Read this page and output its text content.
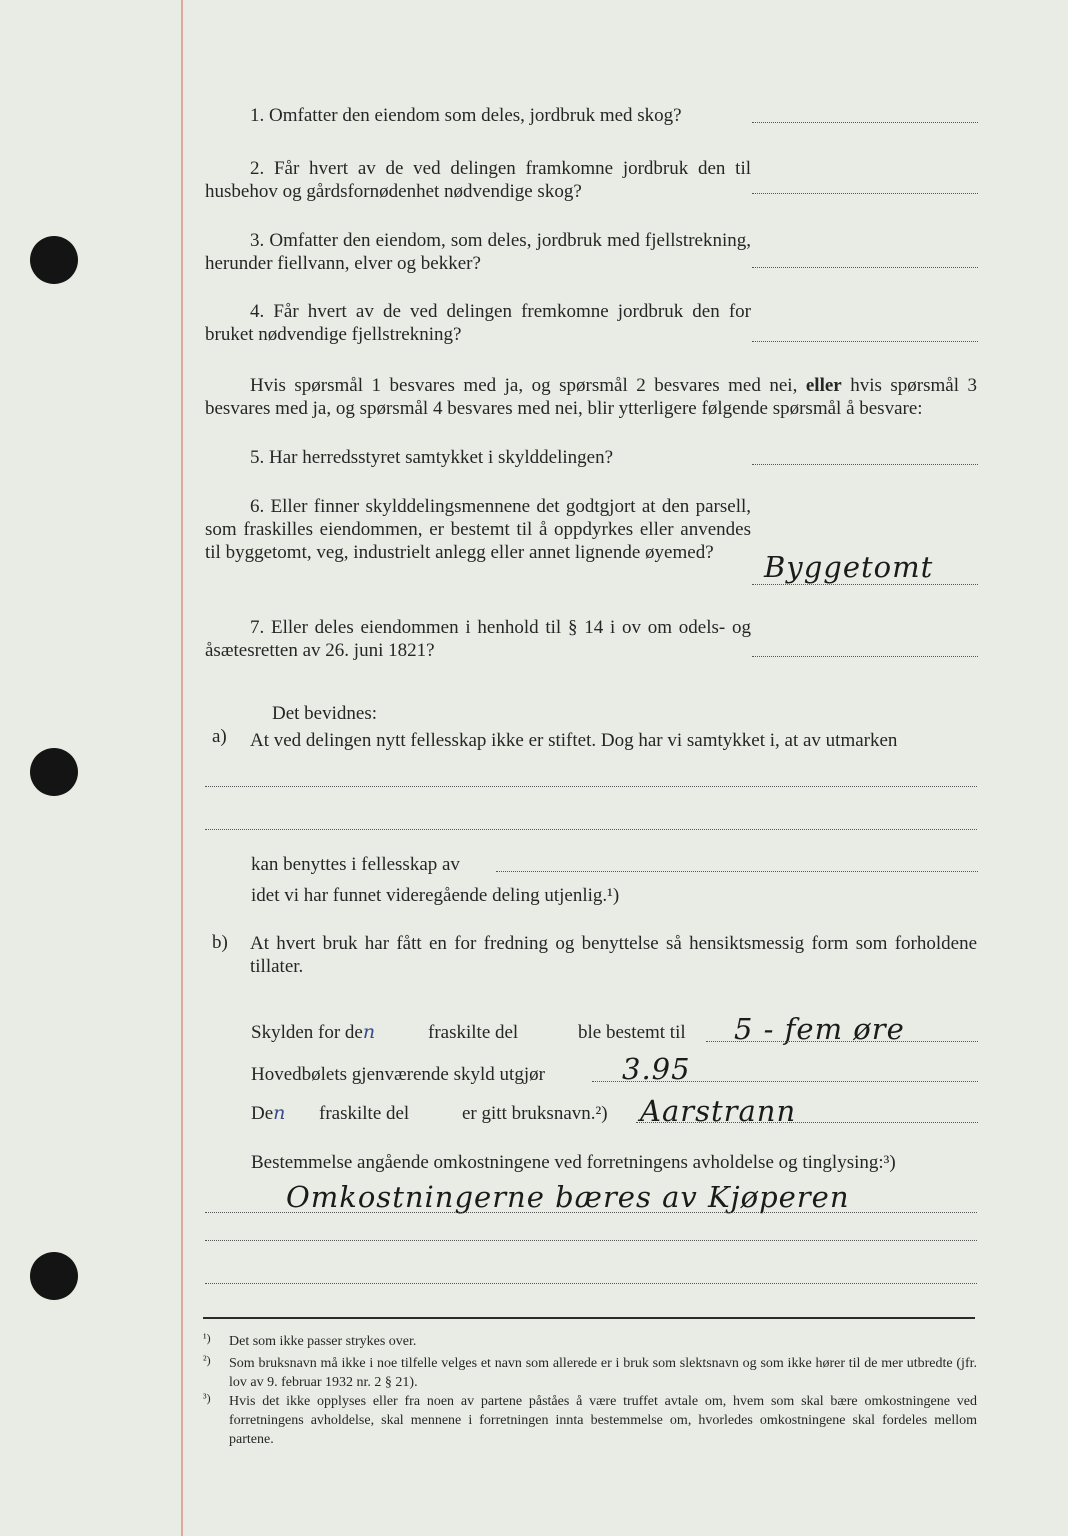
1. Omfatter den eiendom som deles, jordbruk med skog?
2. Får hvert av de ved delingen framkomne jordbruk den til husbehov og gårdsfornødenhet nødvendige skog?
3. Omfatter den eiendom, som deles, jordbruk med fjellstrekning, herunder fiellvann, elver og bekker?
4. Får hvert av de ved delingen fremkomne jordbruk den for bruket nødvendige fjellstrekning?
Hvis spørsmål 1 besvares med ja, og spørsmål 2 besvares med nei, eller hvis spørsmål 3 besvares med ja, og spørsmål 4 besvares med nei, blir ytterligere følgende spørsmål å besvare:
5. Har herredsstyret samtykket i skylddelingen?
6. Eller finner skylddelingsmennene det godtgjort at den parsell, som fraskilles eiendommen, er bestemt til å oppdyrkes eller anvendes til byggetomt, veg, industrielt anlegg eller annet lignende øyemed?	Byggetomt
7. Eller deles eiendommen i henhold til § 14 i ov om odels- og åsætesretten av 26. juni 1821?
Det bevidnes:
a) At ved delingen nytt fellesskap ikke er stiftet. Dog har vi samtykket i, at av utmarken
kan benyttes i fellesskap av
idet vi har funnet videregående deling utjenlig.¹)
b) At hvert bruk har fått en for fredning og benyttelse så hensiktsmessig form som forholdene tillater.
Skylden for den	fraskilte del	ble bestemt til 5 - fem øre
Hovedbølets gjenværende skyld utgjør	3.95
Den fraskilte del	er gitt bruksnavn.²) Aarstrann
Bestemmelse angående omkostningene ved forretningens avholdelse og tinglysing:³)
Omkostningerne bæres av Kjøperen
¹) Det som ikke passer strykes over.
²) Som bruksnavn må ikke i noe tilfelle velges et navn som allerede er i bruk som slektsnavn og som ikke hører til de mer utbredte (jfr. lov av 9. februar 1932 nr. 2 § 21).
³) Hvis det ikke opplyses eller fra noen av partene påståes å være truffet avtale om, hvem som skal bære omkostningene ved forretningens avholdelse, skal mennene i forretningen innta bestemmelse om, hvorledes omkostningene skal fordeles mellom partene.
